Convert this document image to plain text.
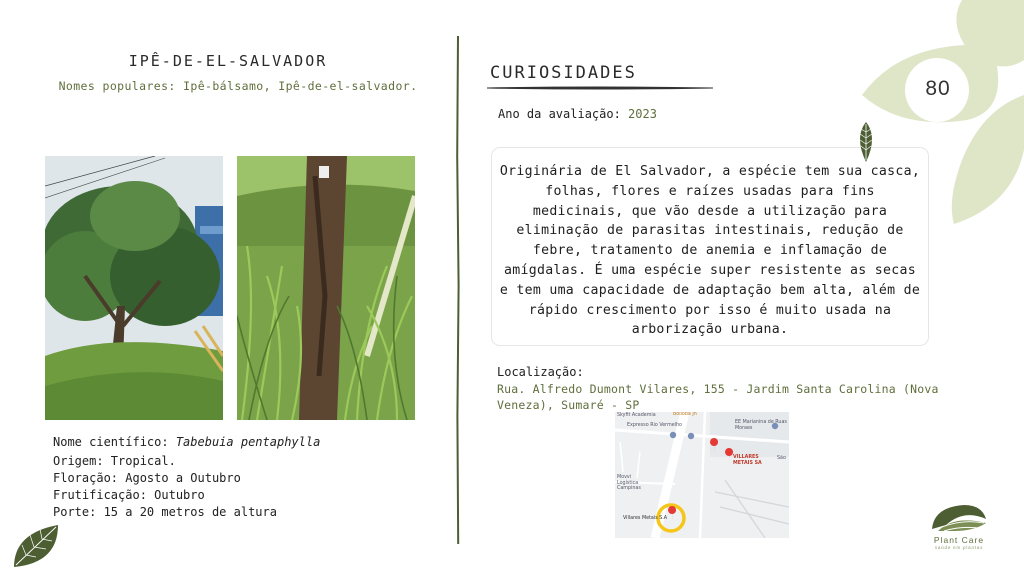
IPÊ-DE-EL-SALVADOR
Nomes populares: Ipê-bálsamo, Ipê-de-el-salvador.
Nome científico: Tabebuia pentaphylla
Origem: Tropical.
Floração: Agosto a Outubro
Frutificação: Outubro
Porte: 15 a 20 metros de altura
CURIOSIDADES
Ano da avaliação: 2023
Originária de El Salvador, a espécie tem sua casca, folhas, flores e raízes usadas para fins medicinais, que vão desde a utilização para eliminação de parasitas intestinais, redução de febre, tratamento de anemia e inflamação de amígdalas. É uma espécie super resistente as secas e tem uma capacidade de adaptação bem alta, além de rápido crescimento por isso é muito usada na arborização urbana.
Localização:
Rua. Alfredo Dumont Vilares, 155 - Jardim Santa Carolina (Nova Veneza), Sumaré - SP
Skyfit Academia	Bolloba Jn
Expresso Rio Vermelho
EE Marianina de Ruas Moraes
VILLARES METAIS SA
São
Movvi Logística Campinas
Villares Metais S.A
80
Plant Care
saúde em plantas
